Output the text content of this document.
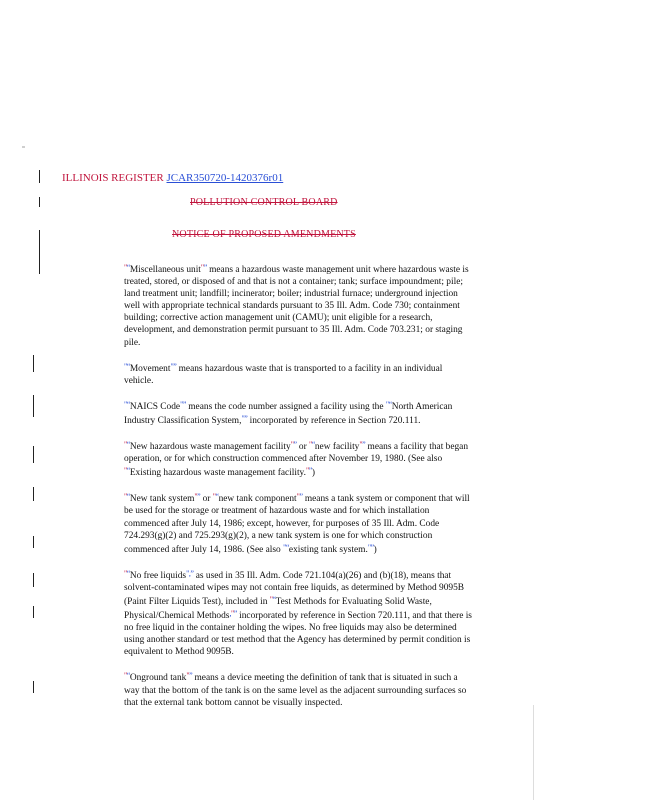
ILLINOIS REGISTER JCAR350720-1420376r01
POLLUTION CONTROL BOARD
NOTICE OF PROPOSED AMENDMENTS

"“Miscellaneous unit"” means a hazardous waste management unit where hazardous waste is treated, stored, or disposed of and that is not a container; tank; surface impoundment; pile; land treatment unit; landfill; incinerator; boiler; industrial furnace; underground injection well with appropriate technical standards pursuant to 35 Ill. Adm. Code 730; containment building; corrective action management unit (CAMU); unit eligible for a research, development, and demonstration permit pursuant to 35 Ill. Adm. Code 703.231; or staging pile.

"“Movement"” means hazardous waste that is transported to a facility in an individual vehicle.

"“NAICS Code"” means the code number assigned a facility using the "“North American Industry Classification System,"” incorporated by reference in Section 720.111.

"“New hazardous waste management facility"” or "“new facility"” means a facility that began operation, or for which construction commenced after November 19, 1980. (See also "“Existing hazardous waste management facility."”)

"“New tank system"” or "“new tank component"” means a tank system or component that will be used for the storage or treatment of hazardous waste and for which installation commenced after July 14, 1986; except, however, for purposes of 35 Ill. Adm. Code 724.293(g)(2) and 725.293(g)(2), a new tank system is one for which construction commenced after July 14, 1986. (See also "“existing tank system."”)

"“No free liquids",” as used in 35 Ill. Adm. Code 721.104(a)(26) and (b)(18), means that solvent-contaminated wipes may not contain free liquids, as determined by Method 9095B (Paint Filter Liquids Test), included in "“Test Methods for Evaluating Solid Waste, Physical/Chemical Methods,"” incorporated by reference in Section 720.111, and that there is no free liquid in the container holding the wipes. No free liquids may also be determined using another standard or test method that the Agency has determined by permit condition is equivalent to Method 9095B.

"“Onground tank"” means a device meeting the definition of tank that is situated in such a way that the bottom of the tank is on the same level as the adjacent surrounding surfaces so that the external tank bottom cannot be visually inspected.
